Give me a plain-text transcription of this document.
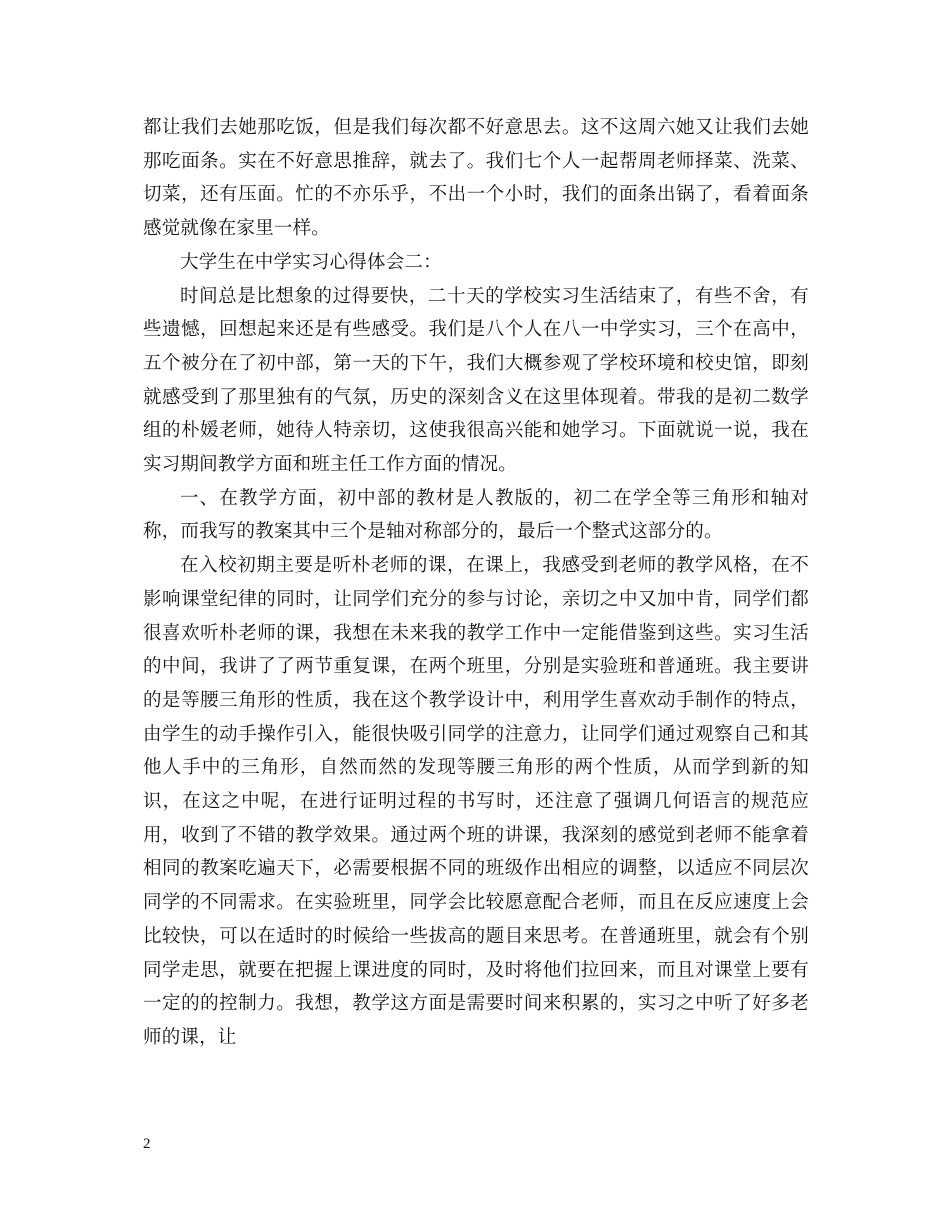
都让我们去她那吃饭，但是我们每次都不好意思去。这不这周六她又让我们去她那吃面条。实在不好意思推辞，就去了。我们七个人一起帮周老师择菜、洗菜、切菜，还有压面。忙的不亦乐乎，不出一个小时，我们的面条出锅了，看着面条感觉就像在家里一样。

大学生在中学实习心得体会二：

时间总是比想象的过得要快，二十天的学校实习生活结束了，有些不舍，有些遗憾，回想起来还是有些感受。我们是八个人在八一中学实习，三个在高中，五个被分在了初中部，第一天的下午，我们大概参观了学校环境和校史馆，即刻就感受到了那里独有的气氛，历史的深刻含义在这里体现着。带我的是初二数学组的朴媛老师，她待人特亲切，这使我很高兴能和她学习。下面就说一说，我在实习期间教学方面和班主任工作方面的情况。

一、在教学方面，初中部的教材是人教版的，初二在学全等三角形和轴对称，而我写的教案其中三个是轴对称部分的，最后一个整式这部分的。

在入校初期主要是听朴老师的课，在课上，我感受到老师的教学风格，在不影响课堂纪律的同时，让同学们充分的参与讨论，亲切之中又加中肯，同学们都很喜欢听朴老师的课，我想在未来我的教学工作中一定能借鉴到这些。实习生活的中间，我讲了了两节重复课，在两个班里，分别是实验班和普通班。我主要讲的是等腰三角形的性质，我在这个教学设计中，利用学生喜欢动手制作的特点，由学生的动手操作引入，能很快吸引同学的注意力，让同学们通过观察自己和其他人手中的三角形，自然而然的发现等腰三角形的两个性质，从而学到新的知识，在这之中呢，在进行证明过程的书写时，还注意了强调几何语言的规范应用，收到了不错的教学效果。通过两个班的讲课，我深刻的感觉到老师不能拿着相同的教案吃遍天下，必需要根据不同的班级作出相应的调整，以适应不同层次同学的不同需求。在实验班里，同学会比较愿意配合老师，而且在反应速度上会比较快，可以在适时的时候给一些拔高的题目来思考。在普通班里，就会有个别同学走思，就要在把握上课进度的同时，及时将他们拉回来，而且对课堂上要有一定的的控制力。我想，教学这方面是需要时间来积累的，实习之中听了好多老师的课，让

2
